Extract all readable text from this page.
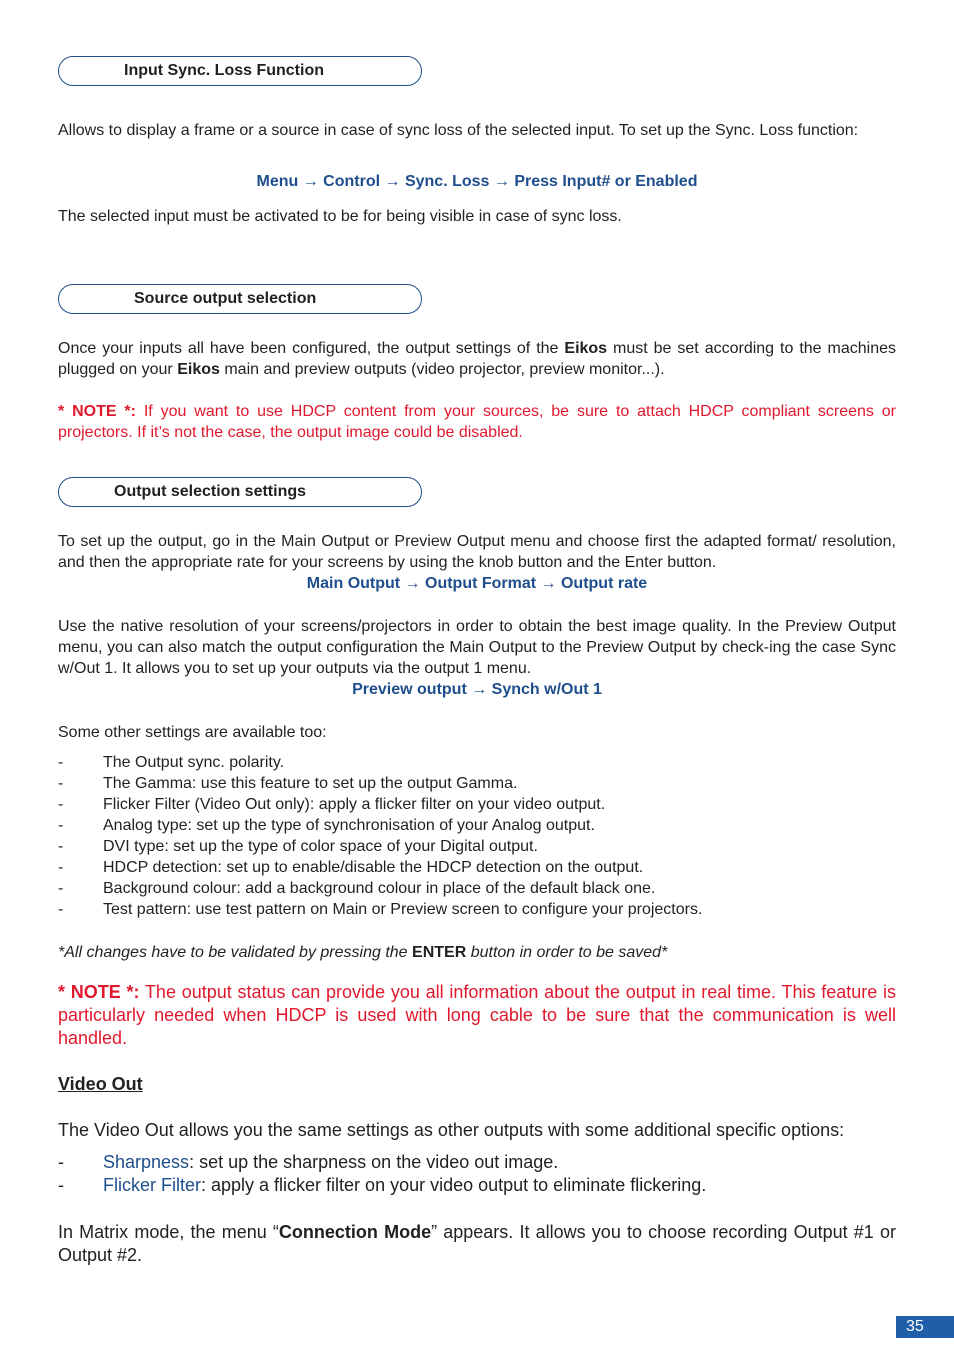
Input Sync. Loss Function
Allows to display a frame or a source in case of sync loss of the selected input. To set up the Sync. Loss function:
Menu → Control → Sync. Loss → Press Input# or Enabled
The selected input must be activated to be for being visible in case of sync loss.
Source output selection
Once your inputs all have been configured, the output settings of the Eikos must be set according to the machines plugged on your Eikos main and preview outputs (video projector, preview monitor...).
* NOTE *: If you want to use HDCP content from your sources, be sure to attach HDCP compliant screens or projectors. If it’s not the case, the output image could be disabled.
Output selection settings
To set up the output, go in the Main Output or Preview Output menu and choose first the adapted format/ resolution, and then the appropriate rate for your screens by using the knob button and the Enter button.
Main Output → Output Format → Output rate
Use the native resolution of your screens/projectors in order to obtain the best image quality. In the Preview Output menu, you can also match the output configuration the Main Output to the Preview Output by check-ing the case Sync w/Out 1. It allows you to set up your outputs via the output 1 menu.
Preview output → Synch w/Out 1
Some other settings are available too:
- The Output sync. polarity.
- The Gamma: use this feature to set up the output Gamma.
- Flicker Filter (Video Out only): apply a flicker filter on your video output.
- Analog type: set up the type of synchronisation of your Analog output.
- DVI type: set up the type of color space of your Digital output.
- HDCP detection: set up to enable/disable the HDCP detection on the output.
- Background colour: add a background colour in place of the default black one.
- Test pattern: use test pattern on Main or Preview screen to configure your projectors.
*All changes have to be validated by pressing the ENTER button in order to be saved*
* NOTE *: The output status can provide you all information about the output in real time. This feature is particularly needed when HDCP is used with long cable to be sure that the communication is well handled.
Video Out
The Video Out allows you the same settings as other outputs with some additional specific options:
- Sharpness: set up the sharpness on the video out image.
- Flicker Filter: apply a flicker filter on your video output to eliminate flickering.
In Matrix mode, the menu “Connection Mode” appears. It allows you to choose recording Output #1 or Output #2.
35
